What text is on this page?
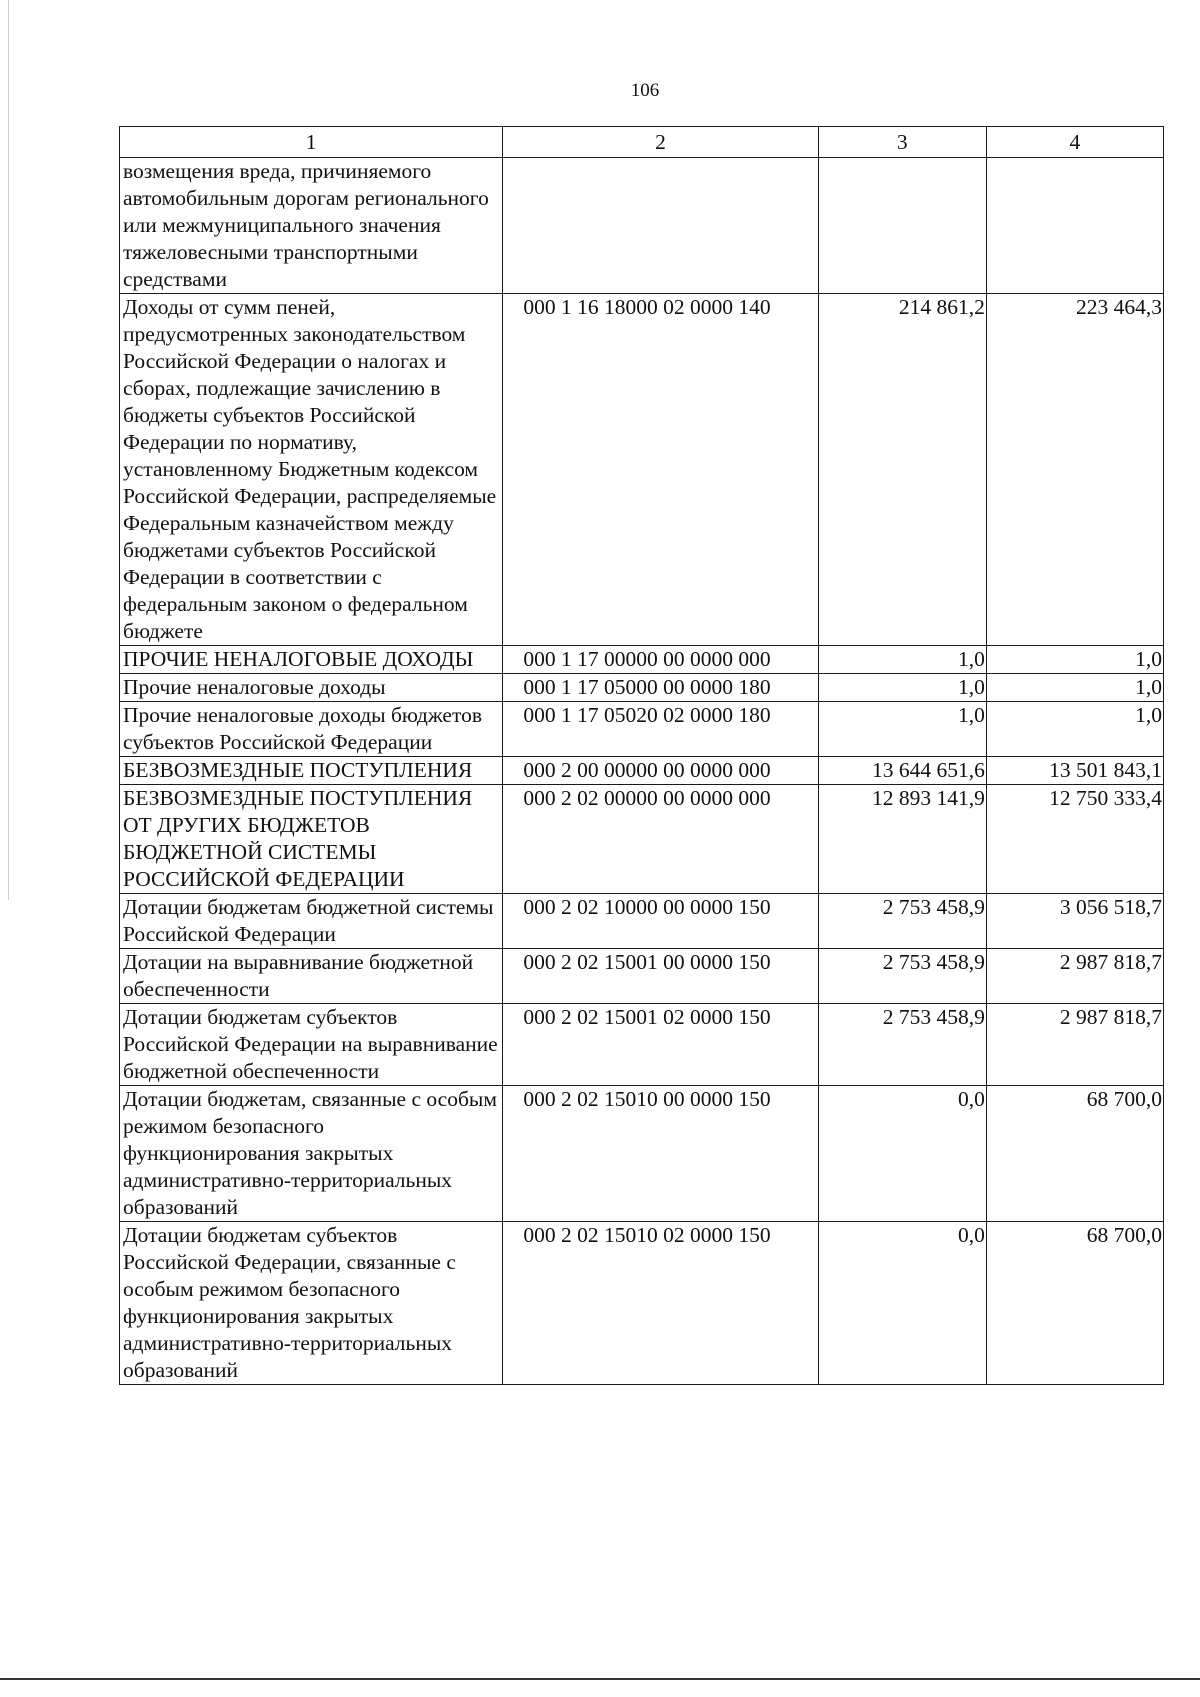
106
1	2	3	4
возмещения вреда, причиняемого автомобильным дорогам регионального или межмуниципального значения тяжеловесными транспортными средствами			
Доходы от сумм пеней, предусмотренных законодательством Российской Федерации о налогах и сборах, подлежащие зачислению в бюджеты субъектов Российской Федерации по нормативу, установленному Бюджетным кодексом Российской Федерации, распределяемые Федеральным казначейством между бюджетами субъектов Российской Федерации в соответствии с федеральным законом о федеральном бюджете	000 1 16 18000 02 0000 140	214 861,2	223 464,3
ПРОЧИЕ НЕНАЛОГОВЫЕ ДОХОДЫ	000 1 17 00000 00 0000 000	1,0	1,0
Прочие неналоговые доходы	000 1 17 05000 00 0000 180	1,0	1,0
Прочие неналоговые доходы бюджетов субъектов Российской Федерации	000 1 17 05020 02 0000 180	1,0	1,0
БЕЗВОЗМЕЗДНЫЕ ПОСТУПЛЕНИЯ	000 2 00 00000 00 0000 000	13 644 651,6	13 501 843,1
БЕЗВОЗМЕЗДНЫЕ ПОСТУПЛЕНИЯ ОТ ДРУГИХ БЮДЖЕТОВ БЮДЖЕТНОЙ СИСТЕМЫ РОССИЙСКОЙ ФЕДЕРАЦИИ	000 2 02 00000 00 0000 000	12 893 141,9	12 750 333,4
Дотации бюджетам бюджетной системы Российской Федерации	000 2 02 10000 00 0000 150	2 753 458,9	3 056 518,7
Дотации на выравнивание бюджетной обеспеченности	000 2 02 15001 00 0000 150	2 753 458,9	2 987 818,7
Дотации бюджетам субъектов Российской Федерации на выравнивание бюджетной обеспеченности	000 2 02 15001 02 0000 150	2 753 458,9	2 987 818,7
Дотации бюджетам, связанные с особым режимом безопасного функционирования закрытых административно-территориальных образований	000 2 02 15010 00 0000 150	0,0	68 700,0
Дотации бюджетам субъектов Российской Федерации, связанные с особым режимом безопасного функционирования закрытых административно-территориальных образований	000 2 02 15010 02 0000 150	0,0	68 700,0
